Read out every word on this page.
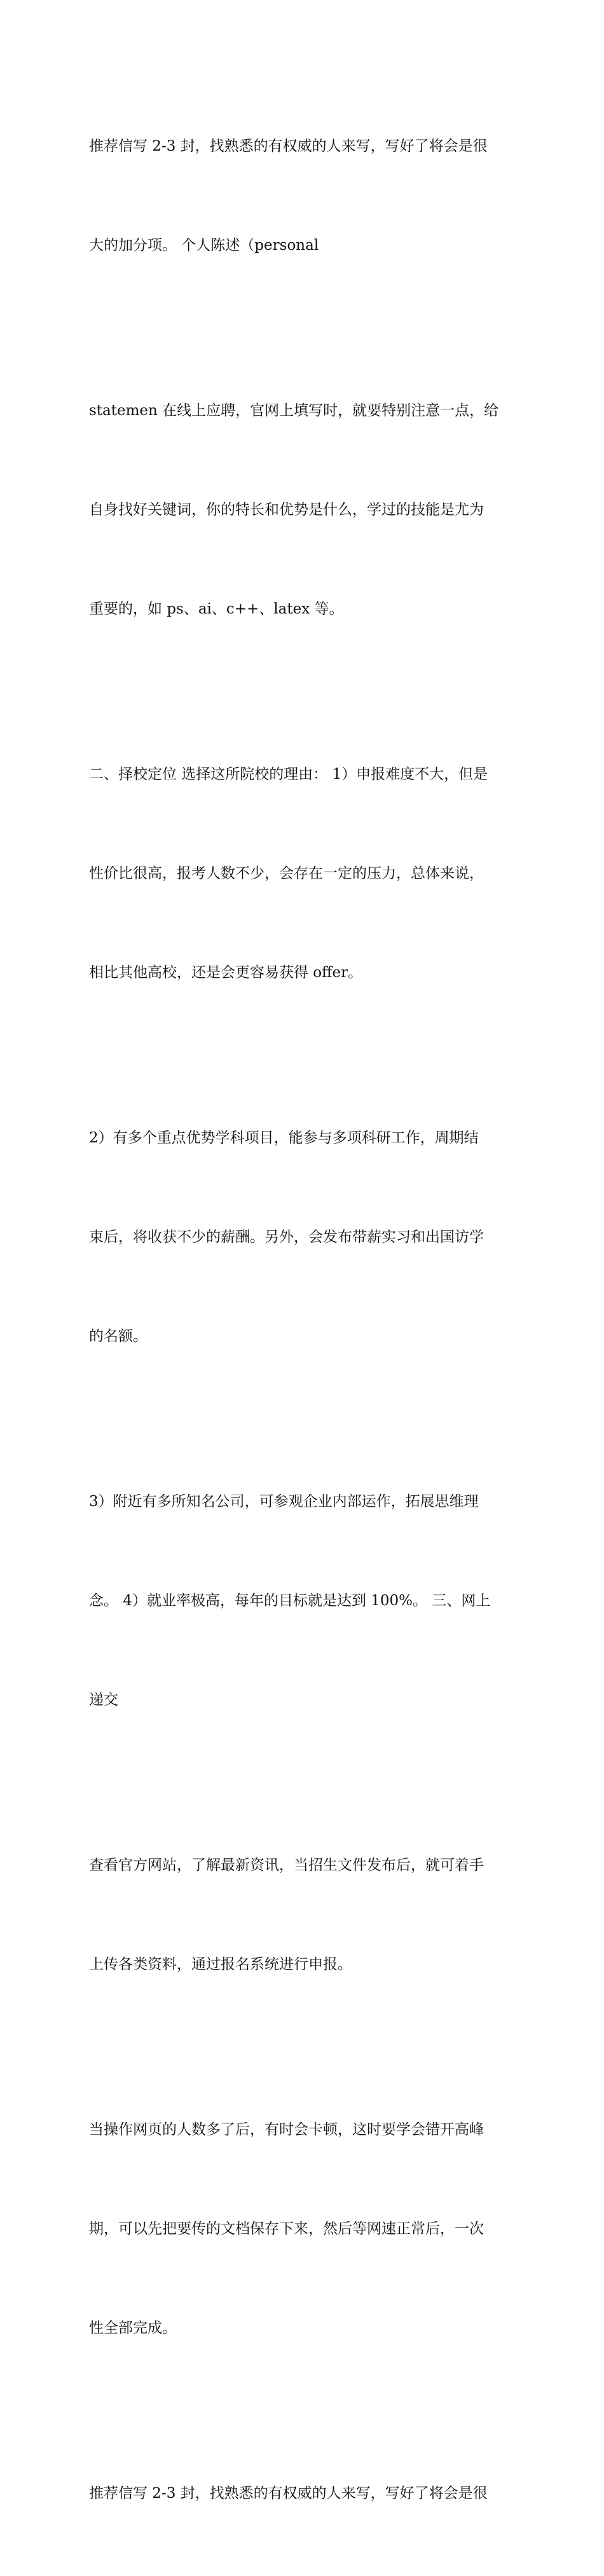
推荐信写 2-3 封，找熟悉的有权威的人来写，写好了将会是很

大的加分项。 个人陈述（personal

statemen 在线上应聘，官网上填写时，就要特别注意一点，给

自身找好关键词，你的特长和优势是什么，学过的技能是尤为

重要的，如 ps、ai、c++、latex 等。

二、择校定位 选择这所院校的理由： 1）申报难度不大，但是

性价比很高，报考人数不少，会存在一定的压力，总体来说，

相比其他高校，还是会更容易获得 offer。

2）有多个重点优势学科项目，能参与多项科研工作，周期结

束后，将收获不少的薪酬。另外，会发布带薪实习和出国访学

的名额。

3）附近有多所知名公司，可参观企业内部运作，拓展思维理

念。 4）就业率极高，每年的目标就是达到 100%。 三、网上

递交

查看官方网站，了解最新资讯，当招生文件发布后，就可着手

上传各类资料，通过报名系统进行申报。

当操作网页的人数多了后，有时会卡顿，这时要学会错开高峰

期，可以先把要传的文档保存下来，然后等网速正常后，一次

性全部完成。

推荐信写 2-3 封，找熟悉的有权威的人来写，写好了将会是很
